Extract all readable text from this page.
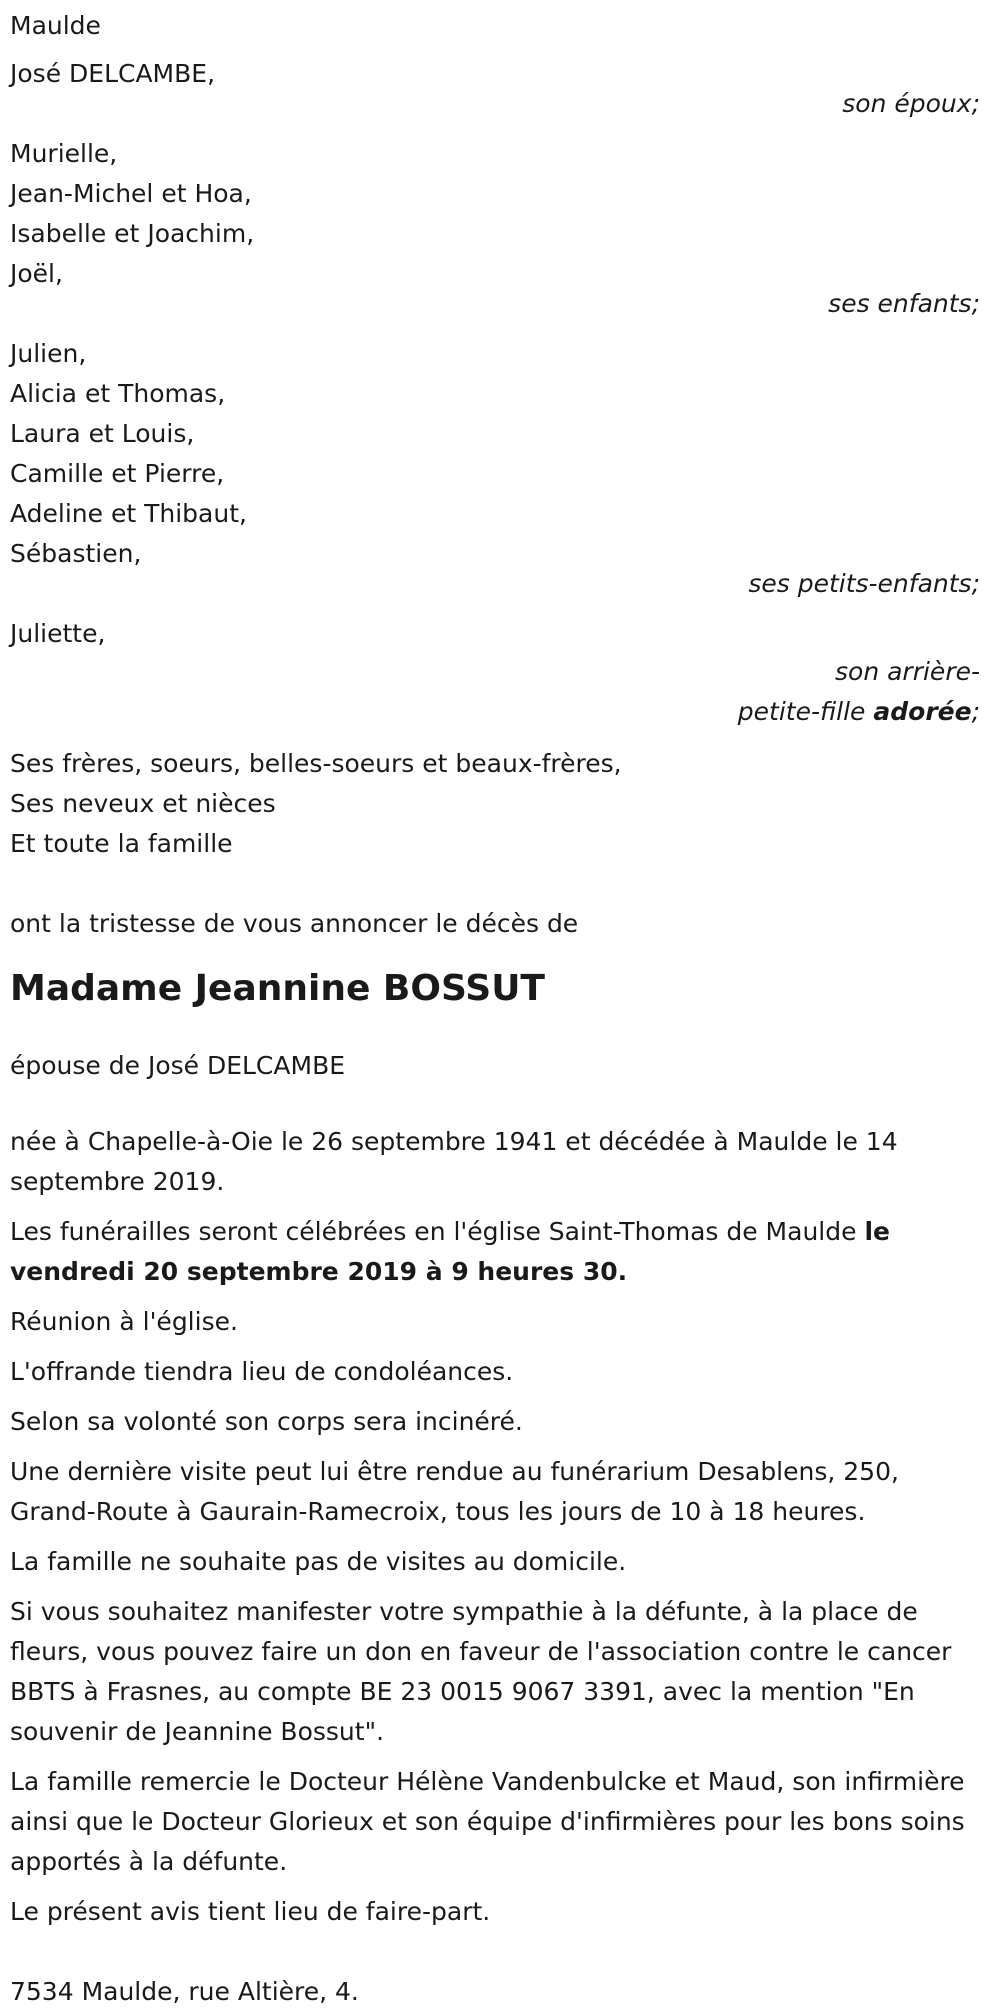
Maulde
José DELCAMBE,
son époux;
Murielle,
Jean-Michel et Hoa,
Isabelle et Joachim,
Joël,
ses enfants;
Julien,
Alicia et Thomas,
Laura et Louis,
Camille et Pierre,
Adeline et Thibaut,
Sébastien,
ses petits-enfants;
Juliette,
son arrière-
petite-fille adorée;
Ses frères, soeurs, belles-soeurs et beaux-frères,
Ses neveux et nièces
Et toute la famille

ont la tristesse de vous annoncer le décès de

Madame Jeannine BOSSUT

épouse de José DELCAMBE

née à Chapelle-à-Oie le 26 septembre 1941 et décédée à Maulde le 14 septembre 2019.

Les funérailles seront célébrées en l'église Saint-Thomas de Maulde le vendredi 20 septembre 2019 à 9 heures 30.

Réunion à l'église.

L'offrande tiendra lieu de condoléances.

Selon sa volonté son corps sera incinéré.

Une dernière visite peut lui être rendue au funérarium Desablens, 250, Grand-Route à Gaurain-Ramecroix, tous les jours de 10 à 18 heures.

La famille ne souhaite pas de visites au domicile.

Si vous souhaitez manifester votre sympathie à la défunte, à la place de fleurs, vous pouvez faire un don en faveur de l'association contre le cancer BBTS à Frasnes, au compte BE 23 0015 9067 3391, avec la mention "En souvenir de Jeannine Bossut".

La famille remercie le Docteur Hélène Vandenbulcke et Maud, son infirmière ainsi que le Docteur Glorieux et son équipe d'infirmières pour les bons soins apportés à la défunte.

Le présent avis tient lieu de faire-part.

7534 Maulde, rue Altière, 4.
